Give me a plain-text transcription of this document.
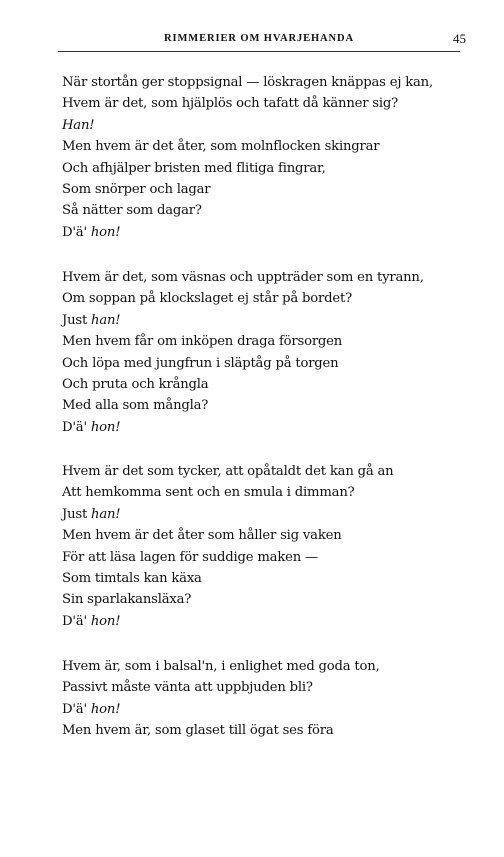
RIMMERIER OM HVARJEHANDA	45
När stortån ger stoppsignal — löskragen knäppas ej kan,
Hvem är det, som hjälplös och tafatt då känner sig?
Han!
Men hvem är det åter, som molnflocken skingrar
Och afhjälper bristen med flitiga fingrar,
Som snörper och lagar
Så nätter som dagar?
D'ä' hon!
Hvem är det, som väsnas och uppträder som en tyrann,
Om soppan på klockslaget ej står på bordet?
Just han!
Men hvem får om inköpen draga försorgen
Och löpa med jungfrun i släptåg på torgen
Och pruta och krångla
Med alla som mångla?
D'ä' hon!
Hvem är det som tycker, att opåtaldt det kan gå an
Att hemkomma sent och en smula i dimman?
Just han!
Men hvem är det åter som håller sig vaken
För att läsa lagen för suddige maken —
Som timtals kan käxa
Sin sparlakansläxa?
D'ä' hon!
Hvem är, som i balsal'n, i enlighet med goda ton,
Passivt måste vänta att uppbjuden bli?
D'ä' hon!
Men hvem är, som glaset till ögat ses föra
